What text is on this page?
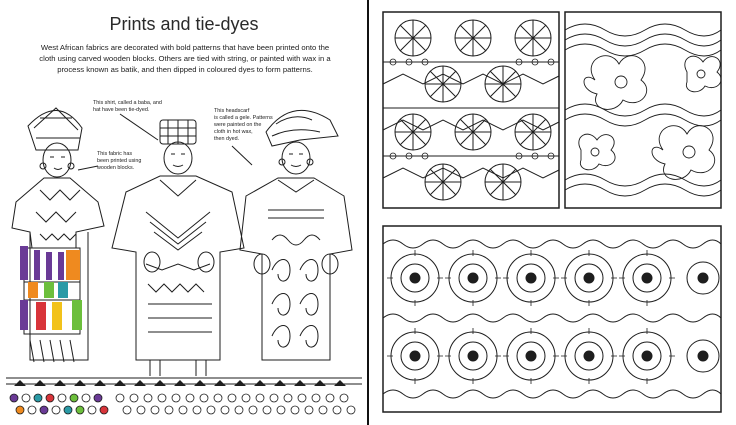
Prints and tie-dyes
West African fabrics are decorated with bold patterns that have been printed onto the
cloth using carved wooden blocks. Others are tied with string, or painted with wax in a
process known as batik, and then dipped in coloured dyes to form patterns.
This shirt, called a baba, and
hat have been tie-dyed.	This headscarf
is called a gele. Patterns
were painted on the
cloth in hot wax,
then dyed.
This fabric has
been printed using
wooden blocks.
